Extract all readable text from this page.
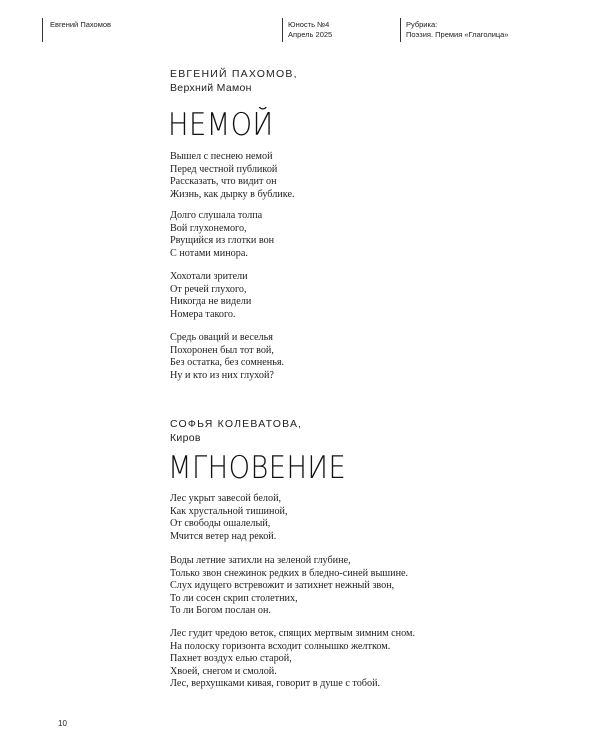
Евгений Пахомов	Юность №4
Апрель 2025
Рубрика:
Поэзия. Премия «Глаголица»
ЕВГЕНИЙ ПАХОМОВ,
Верхний Мамон
НЕМОЙ
Вышел с песнею немой
Перед честной публикой
Рассказать, что видит он
Жизнь, как дырку в бублике.
Долго слушала толпа
Вой глухонемого,
Рвущийся из глотки вон
С нотами минора.
Хохотали зрители
От речей глухого,
Никогда не видели
Номера такого.
Средь оваций и веселья
Похоронен был тот вой,
Без остатка, без сомненья.
Ну и кто из них глухой?
СОФЬЯ КОЛЕВАТОВА,
Киров
МГНОВЕНИЕ
Лес укрыт завесой белой,
Как хрустальной тишиной,
От свободы ошалелый,
Мчится ветер над рекой.
Воды летние затихли на зеленой глубине,
Только звон снежинок редких в бледно-синей вышине.
Слух идущего встревожит и затихнет нежный звон,
То ли сосен скрип столетних,
То ли Богом послан он.
Лес гудит чредою веток, спящих мертвым зимним сном.
На полоску горизонта всходит солнышко желтком.
Пахнет воздух елью старой,
Хвоей, снегом и смолой.
Лес, верхушками кивая, говорит в душе с тобой.
10
